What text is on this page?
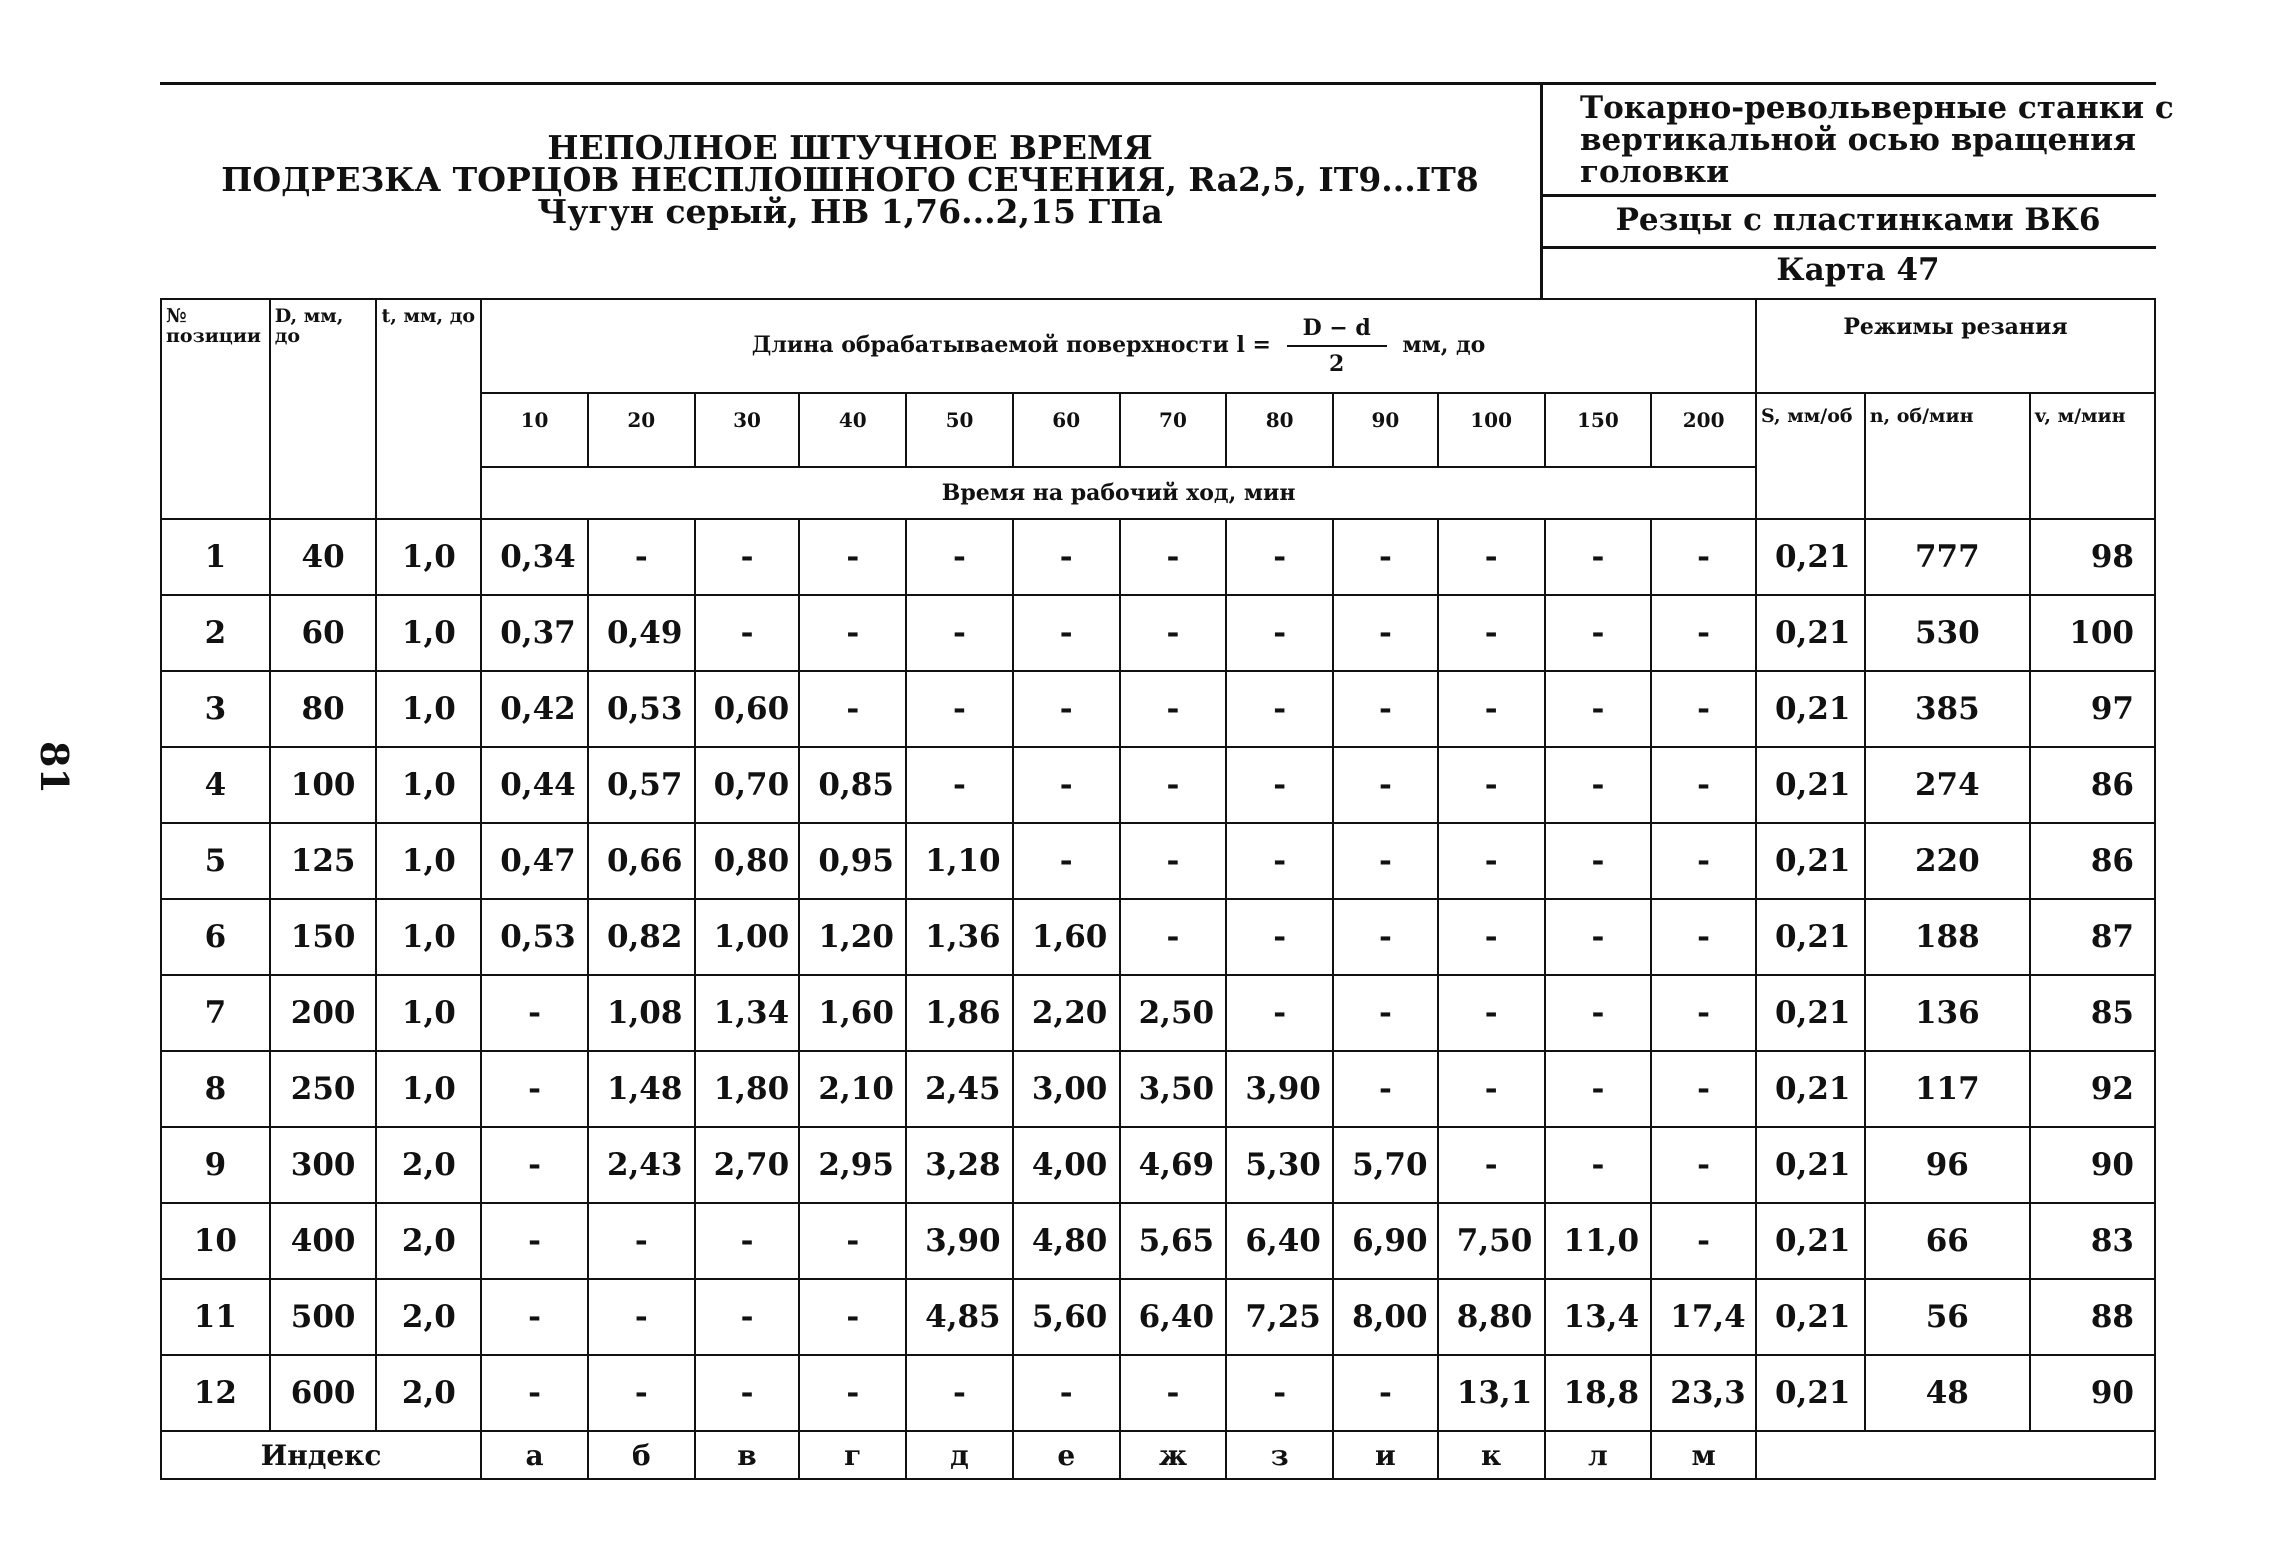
81
НЕПОЛНОЕ ШТУЧНОЕ ВРЕМЯ
ПОДРЕЗКА ТОРЦОВ НЕСПЛОШНОГО СЕЧЕНИЯ, Ra2,5, IT9...IT8
Чугун серый, НВ 1,76...2,15 ГПа
Токарно-револьверные станки с вертикальной осью вращения головки
Резцы с пластинками ВК6
Карта 47
№ позиции	D, мм, до	t, мм, до	Длина обрабатываемой поверхности $l = \frac{D - d}{2}$ мм, до												Режимы резания		
			10	20	30	40	50	60	70	80	90	100	150	200	S, мм/об	n, об/мин	v, м/мин
			Время на рабочий ход, мин														
1	40	1,0	0,34	-	-	-	-	-	-	-	-	-	-	-	0,21	777	98
2	60	1,0	0,37	0,49	-	-	-	-	-	-	-	-	-	-	0,21	530	100
3	80	1,0	0,42	0,53	0,60	-	-	-	-	-	-	-	-	-	0,21	385	97
4	100	1,0	0,44	0,57	0,70	0,85	-	-	-	-	-	-	-	-	0,21	274	86
5	125	1,0	0,47	0,66	0,80	0,95	1,10	-	-	-	-	-	-	-	0,21	220	86
6	150	1,0	0,53	0,82	1,00	1,20	1,36	1,60	-	-	-	-	-	-	0,21	188	87
7	200	1,0	-	1,08	1,34	1,60	1,86	2,20	2,50	-	-	-	-	-	0,21	136	85
8	250	1,0	-	1,48	1,80	2,10	2,45	3,00	3,50	3,90	-	-	-	-	0,21	117	92
9	300	2,0	-	2,43	2,70	2,95	3,28	4,00	4,69	5,30	5,70	-	-	-	0,21	96	90
10	400	2,0	-	-	-	-	3,90	4,80	5,65	6,40	6,90	7,50	11,0	-	0,21	66	83
11	500	2,0	-	-	-	-	4,85	5,60	6,40	7,25	8,00	8,80	13,4	17,4	0,21	56	88
12	600	2,0	-	-	-	-	-	-	-	-	-	13,1	18,8	23,3	0,21	48	90
Индекс			а	б	в	г	д	е	ж	з	и	к	л	м			
